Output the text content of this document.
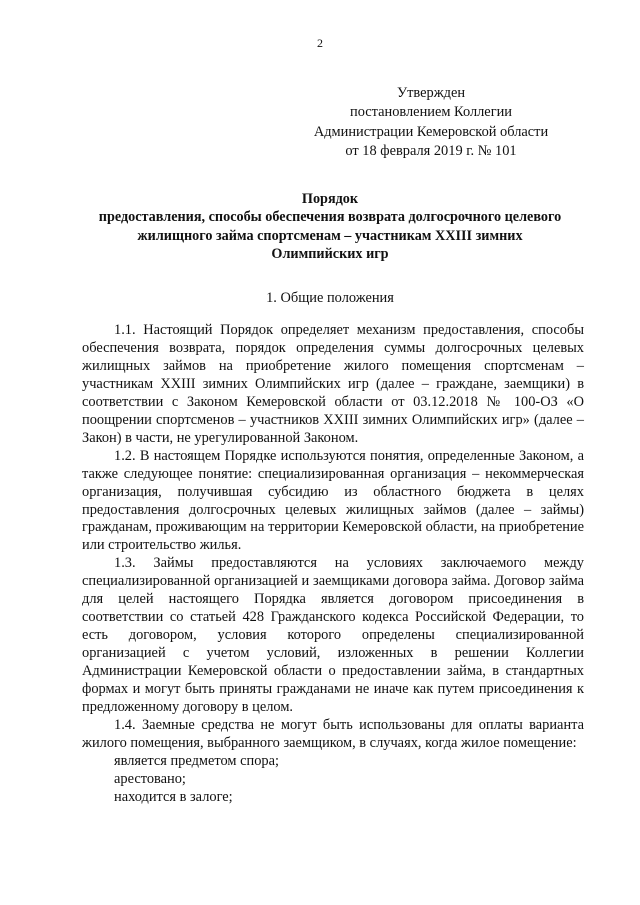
2
Утвержден
постановлением Коллегии
Администрации Кемеровской области
от 18 февраля 2019 г. № 101
Порядок
предоставления, способы обеспечения возврата долгосрочного целевого
жилищного займа спортсменам – участникам XXIII зимних
Олимпийских игр
1. Общие положения

1.1. Настоящий Порядок определяет механизм предоставления, способы обеспечения возврата, порядок определения суммы долгосрочных целевых жилищных займов на приобретение жилого помещения спортсменам – участникам XXIII зимних Олимпийских игр (далее – граждане, заемщики) в соответствии с Законом Кемеровской области от 03.12.2018 № 100-ОЗ «О поощрении спортсменов – участников XXIII зимних Олимпийских игр» (далее – Закон) в части, не урегулированной Законом.

1.2. В настоящем Порядке используются понятия, определенные Законом, а также следующее понятие: специализированная организация – некоммерческая организация, получившая субсидию из областного бюджета в целях предоставления долгосрочных целевых жилищных займов (далее – займы) гражданам, проживающим на территории Кемеровской области, на приобретение или строительство жилья.

1.3. Займы предоставляются на условиях заключаемого между специализированной организацией и заемщиками договора займа. Договор займа для целей настоящего Порядка является договором присоединения в соответствии со статьей 428 Гражданского кодекса Российской Федерации, то есть договором, условия которого определены специализированной организацией с учетом условий, изложенных в решении Коллегии Администрации Кемеровской области о предоставлении займа, в стандартных формах и могут быть приняты гражданами не иначе как путем присоединения к предложенному договору в целом.

1.4. Заемные средства не могут быть использованы для оплаты варианта жилого помещения, выбранного заемщиком, в случаях, когда жилое помещение:

является предметом спора;

арестовано;

находится в залоге;
